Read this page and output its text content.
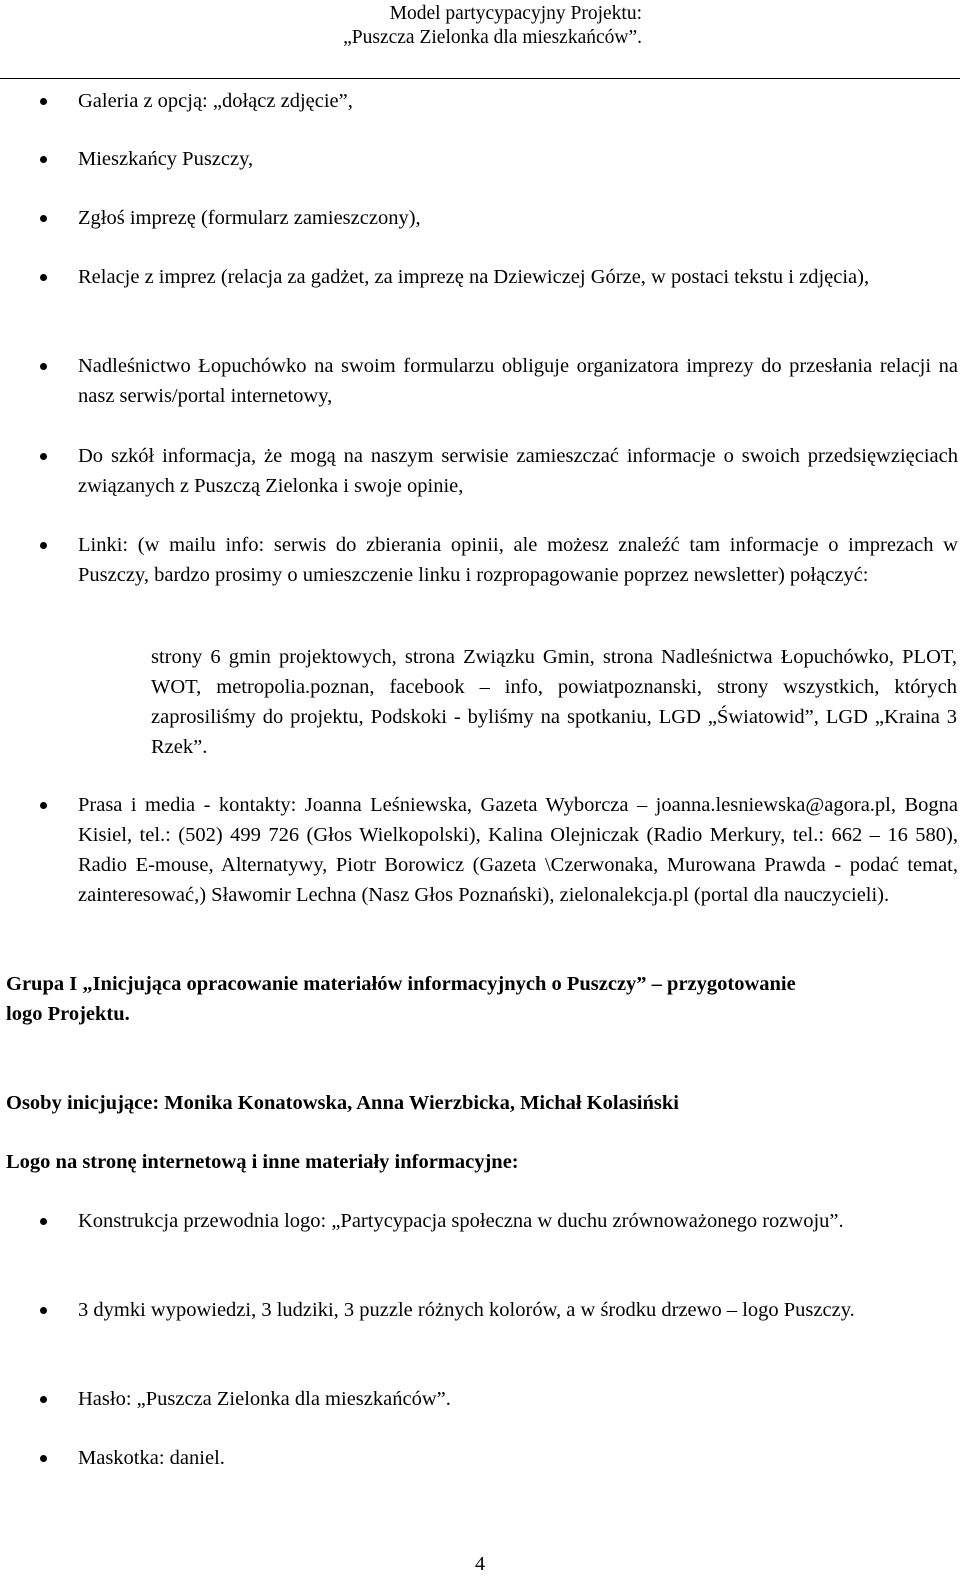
Model partycypacyjny Projektu:
„Puszcza Zielonka dla mieszkańców”.
Galeria z opcją: „dołącz zdjęcie”,
Mieszkańcy Puszczy,
Zgłoś imprezę (formularz zamieszczony),
Relacje z imprez (relacja za gadżet, za imprezę na Dziewiczej Górze, w postaci tekstu i zdjęcia),
Nadleśnictwo Łopuchówko na swoim formularzu obliguje organizatora imprezy do przesłania relacji na nasz serwis/portal internetowy,
Do szkół informacja, że mogą na naszym serwisie zamieszczać informacje o swoich przedsięwzięciach związanych z Puszczą Zielonka i swoje opinie,
Linki: (w mailu info: serwis do zbierania opinii, ale możesz znaleźć tam informacje o imprezach w Puszczy, bardzo prosimy o umieszczenie linku i rozpropagowanie poprzez newsletter) połączyć:

strony 6 gmin projektowych, strona Związku Gmin, strona Nadleśnictwa Łopuchówko, PLOT, WOT, metropolia.poznan, facebook – info, powiatpoznanski, strony wszystkich, których zaprosiliśmy do projektu, Podskoki - byliśmy na spotkaniu, LGD „Światowid”, LGD „Kraina 3 Rzek”.

Prasa i media - kontakty: Joanna Leśniewska, Gazeta Wyborcza – joanna.lesniewska@agora.pl, Bogna Kisiel, tel.: (502) 499 726 (Głos Wielkopolski), Kalina Olejniczak (Radio Merkury, tel.: 662 – 16 580), Radio E-mouse, Alternatywy, Piotr Borowicz (Gazeta \Czerwonaka, Murowana Prawda - podać temat, zainteresować,) Sławomir Lechna (Nasz Głos Poznański), zielonalekcja.pl (portal dla nauczycieli).
Grupa I „Inicjująca opracowanie materiałów informacyjnych o Puszczy” – przygotowanie logo Projektu.
Osoby inicjujące: Monika Konatowska, Anna Wierzbicka, Michał Kolasiński
Logo na stronę internetową i inne materiały informacyjne:
Konstrukcja przewodnia logo: „Partycypacja społeczna w duchu zrównoważonego rozwoju”.
3 dymki wypowiedzi, 3 ludziki, 3 puzzle różnych kolorów, a w środku drzewo – logo Puszczy.
Hasło: „Puszcza Zielonka dla mieszkańców”.
Maskotka: daniel.
4
